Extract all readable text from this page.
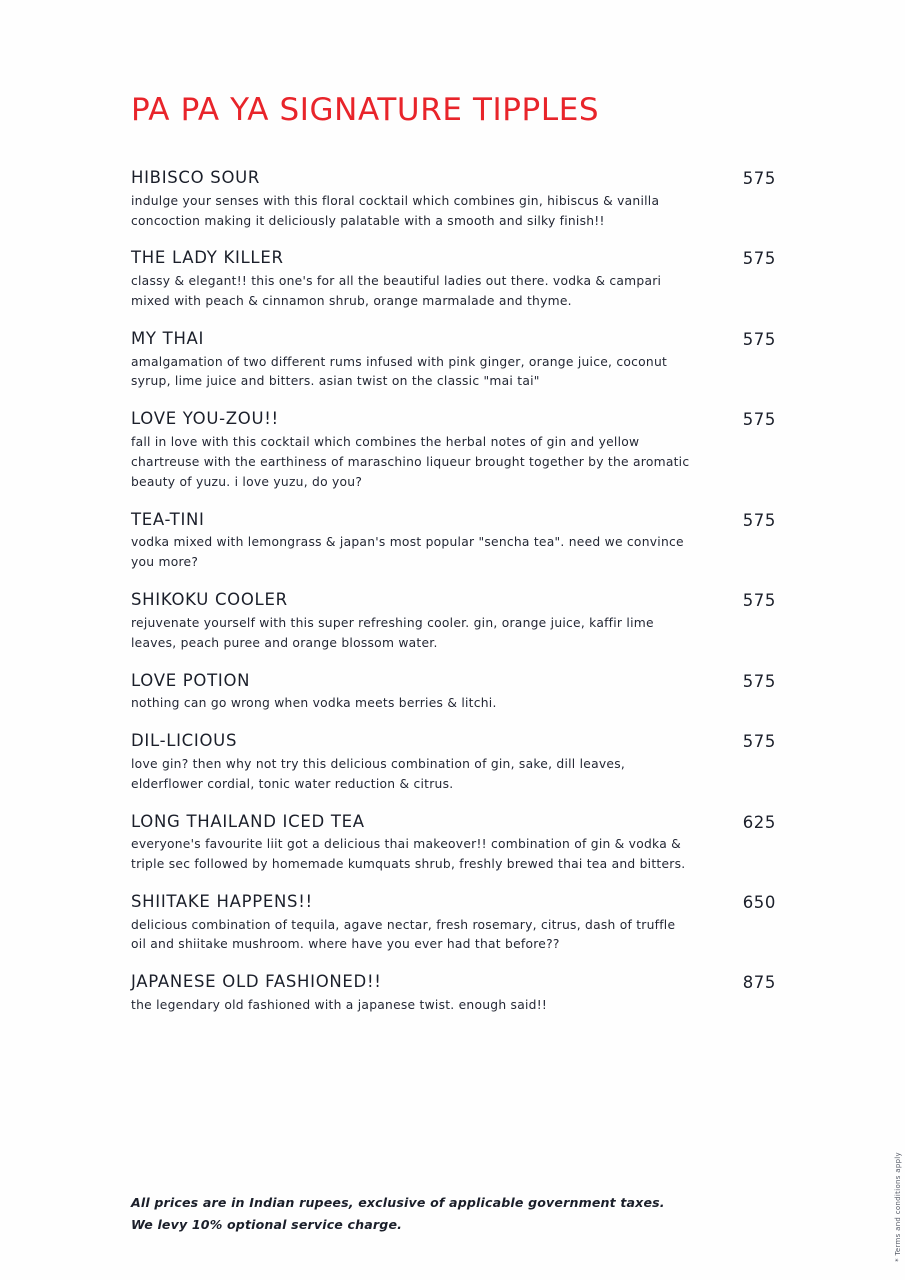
PA PA YA SIGNATURE TIPPLES
HIBISCO SOUR
indulge your senses with this floral cocktail which combines gin, hibiscus & vanilla concoction making it deliciously palatable with a smooth and silky finish!!
575
THE LADY KILLER
classy & elegant!! this one's for all the beautiful ladies out there. vodka & campari mixed with peach & cinnamon shrub, orange marmalade and thyme.
575
MY THAI
amalgamation of two different rums infused with pink ginger, orange juice, coconut syrup, lime juice and bitters. asian twist on the classic "mai tai"
575
LOVE YOU-ZOU!!
fall in love with this cocktail which combines the herbal notes of gin and yellow chartreuse with the earthiness of maraschino liqueur brought together by the aromatic beauty of yuzu. i love yuzu, do you?
575
TEA-TINI
vodka mixed with lemongrass & japan's most popular "sencha tea". need we convince you more?
575
SHIKOKU COOLER
rejuvenate yourself with this super refreshing cooler. gin, orange juice, kaffir lime leaves, peach puree and orange blossom water.
575
LOVE POTION
nothing can go wrong when vodka meets berries & litchi.
575
DIL-LICIOUS
love gin? then why not try this delicious combination of gin, sake, dill leaves, elderflower cordial, tonic water reduction & citrus.
575
LONG THAILAND ICED TEA
everyone's favourite liit got a delicious thai makeover!! combination of gin & vodka & triple sec followed by homemade kumquats shrub, freshly brewed thai tea and bitters.
625
SHIITAKE HAPPENS!!
delicious combination of tequila, agave nectar, fresh rosemary, citrus, dash of truffle oil and shiitake mushroom. where have you ever had that before??
650
JAPANESE OLD FASHIONED!!
the legendary old fashioned with a japanese twist. enough said!!
875
All prices are in Indian rupees, exclusive of applicable government taxes.
We levy 10% optional service charge.	* Terms and conditions apply
